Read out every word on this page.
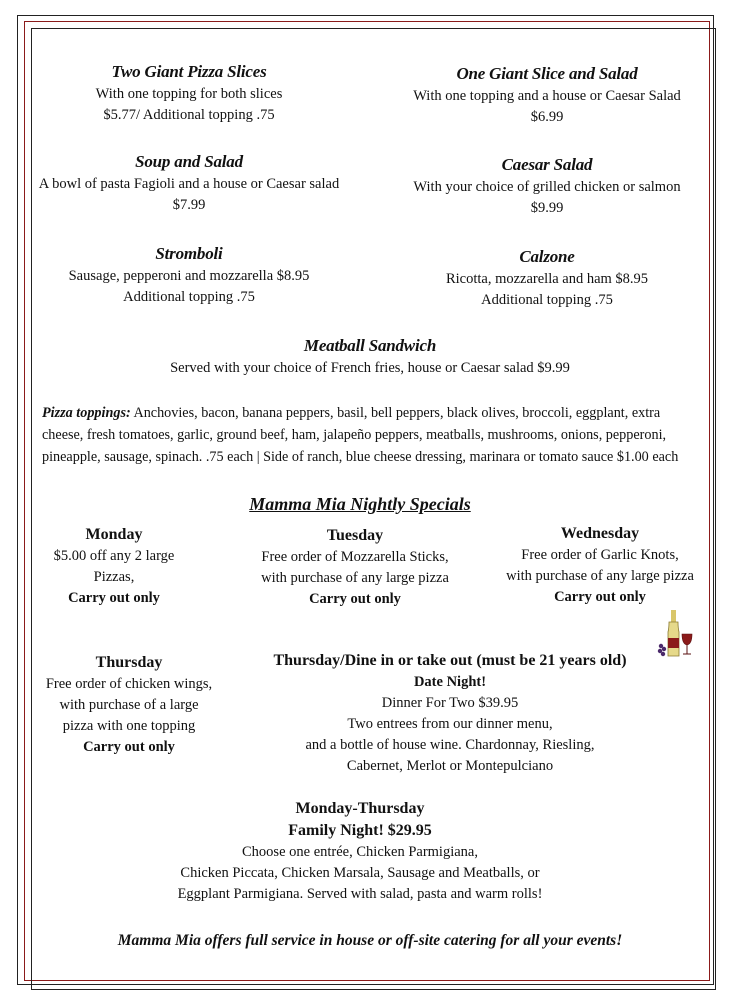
Two Giant Pizza Slices
With one topping for both slices
$5.77/ Additional topping .75
One Giant Slice and Salad
With one topping and a house or Caesar Salad
$6.99
Soup and Salad
A bowl of pasta Fagioli and a house or Caesar salad
$7.99
Caesar Salad
With your choice of grilled chicken or salmon
$9.99
Stromboli
Sausage, pepperoni and mozzarella $8.95
Additional topping .75
Calzone
Ricotta, mozzarella and ham $8.95
Additional topping .75
Meatball Sandwich
Served with your choice of French fries, house or Caesar salad $9.99
Pizza toppings: Anchovies, bacon, banana peppers, basil, bell peppers, black olives, broccoli, eggplant, extra cheese, fresh tomatoes, garlic, ground beef, ham, jalapeño peppers, meatballs, mushrooms, onions, pepperoni, pineapple, sausage, spinach. .75 each | Side of ranch, blue cheese dressing, marinara or tomato sauce $1.00 each
Mamma Mia Nightly Specials
Monday
$5.00 off any 2 large Pizzas,
Carry out only
Tuesday
Free order of Mozzarella Sticks,
with purchase of any large pizza
Carry out only
Wednesday
Free order of Garlic Knots,
with purchase of any large pizza
Carry out only
Thursday
Free order of chicken wings,
with purchase of a large
pizza with one topping
Carry out only
Thursday/Dine in or take out (must be 21 years old)
Date Night!
Dinner For Two $39.95
Two entrees from our dinner menu,
and a bottle of house wine. Chardonnay, Riesling,
Cabernet, Merlot or Montepulciano
Monday-Thursday
Family Night! $29.95
Choose one entrée, Chicken Parmigiana,
Chicken Piccata, Chicken Marsala, Sausage and Meatballs, or
Eggplant Parmigiana. Served with salad, pasta and warm rolls!
Mamma Mia offers full service in house or off-site catering for all your events!
